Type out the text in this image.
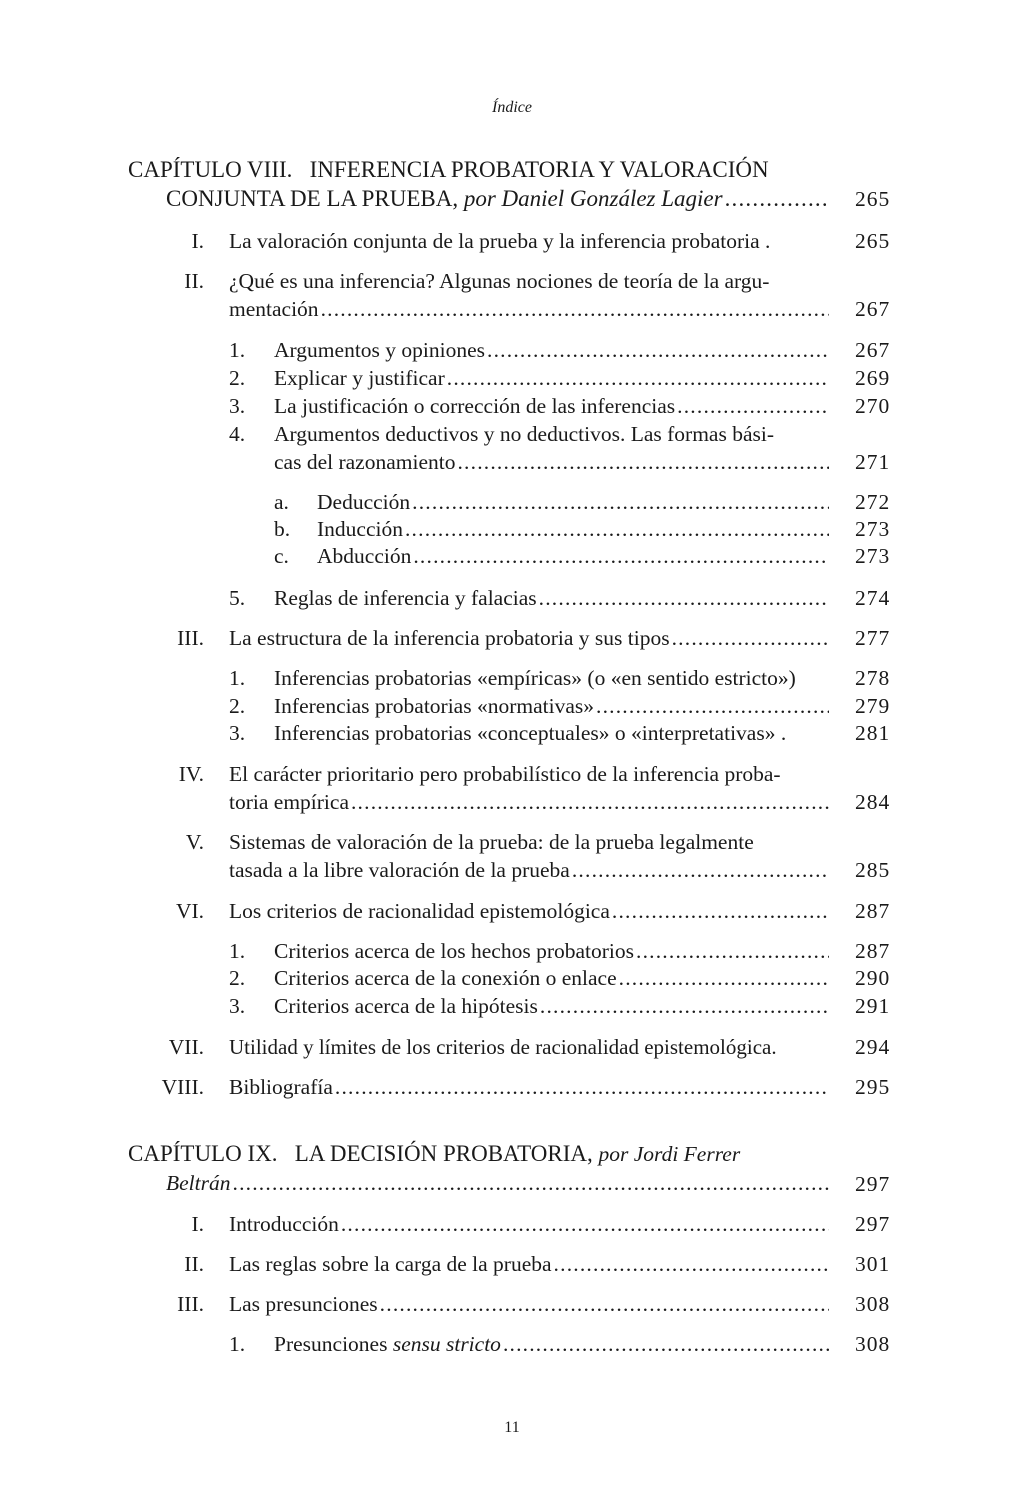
Índice
CAPÍTULO VIII. INFERENCIA PROBATORIA Y VALORACIÓN
CONJUNTA DE LA PRUEBA, por Daniel González Lagier .....	265
I. La valoración conjunta de la prueba y la inferencia probatoria .	265
II. ¿Qué es una inferencia? Algunas nociones de teoría de la argu-
mentación .....	267
1. Argumentos y opiniones .....	267
2. Explicar y justificar .....	269
3. La justificación o corrección de las inferencias .....	270
4. Argumentos deductivos y no deductivos. Las formas bási-
cas del razonamiento .....	271
a. Deducción .....	272
b. Inducción .....	273
c. Abducción .....	273
5. Reglas de inferencia y falacias .....	274
III. La estructura de la inferencia probatoria y sus tipos .....	277
1. Inferencias probatorias «empíricas» (o «en sentido estricto»)	278
2. Inferencias probatorias «normativas» .....	279
3. Inferencias probatorias «conceptuales» o «interpretativas» .	281
IV. El carácter prioritario pero probabilístico de la inferencia proba-
toria empírica .....	284
V. Sistemas de valoración de la prueba: de la prueba legalmente
tasada a la libre valoración de la prueba .....	285
VI. Los criterios de racionalidad epistemológica .....	287
1. Criterios acerca de los hechos probatorios .....	287
2. Criterios acerca de la conexión o enlace .....	290
3. Criterios acerca de la hipótesis .....	291
VII. Utilidad y límites de los criterios de racionalidad epistemológica.	294
VIII. Bibliografía .....	295
CAPÍTULO IX. LA DECISIÓN PROBATORIA, por Jordi Ferrer
Beltrán .....	297
I. Introducción .....	297
II. Las reglas sobre la carga de la prueba .....	301
III. Las presunciones .....	308
1. Presunciones sensu stricto .....	308
11
